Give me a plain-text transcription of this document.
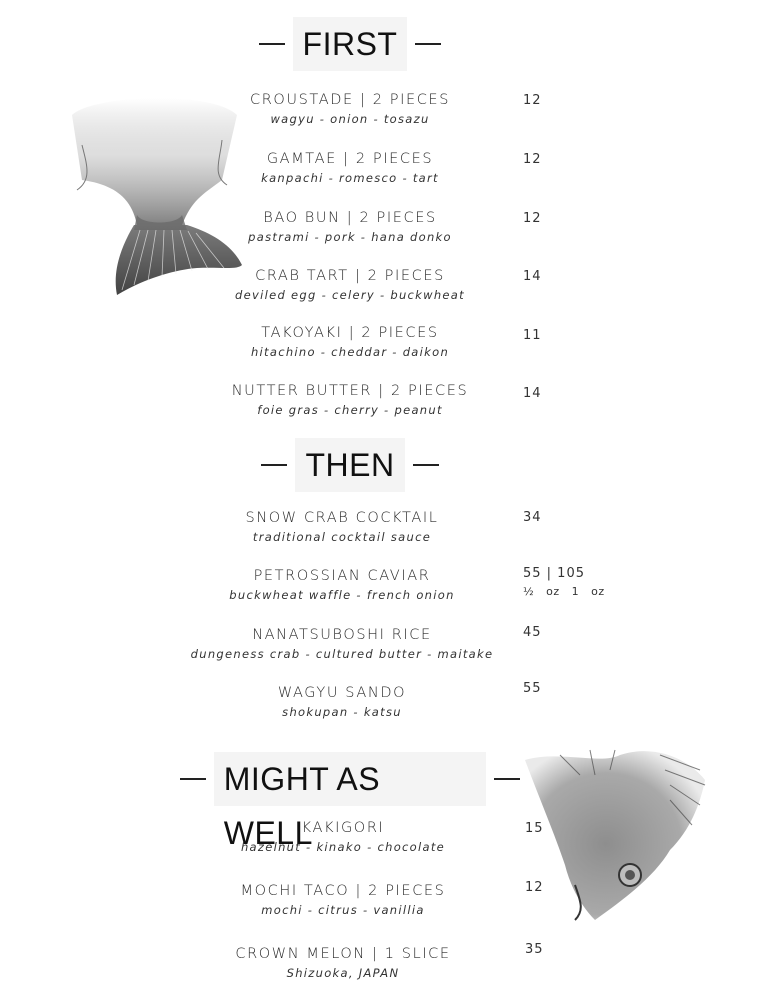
FIRST
CROUSTADE | 2 PIECES
wagyu - onion - tosazu
12
GAMTAE | 2 PIECES
kanpachi - romesco - tart
12
BAO BUN | 2 PIECES
pastrami - pork - hana donko
12
CRAB TART | 2 PIECES
deviled egg - celery - buckwheat
14
TAKOYAKI | 2 PIECES
hitachino - cheddar - daikon
11
NUTTER BUTTER | 2 PIECES
foie gras - cherry - peanut
14
THEN
SNOW CRAB COCKTAIL
traditional cocktail sauce
34
PETROSSIAN CAVIAR
buckwheat waffle - french onion
55 | 105
½ oz 1 oz
NANATSUBOSHI RICE
dungeness crab - cultured butter - maitake
45
WAGYU SANDO
shokupan - katsu
55
MIGHT AS WELL
KAKIGORI
hazelnut - kinako - chocolate
15
MOCHI TACO | 2 PIECES
mochi - citrus - vanillia
12
CROWN MELON | 1 SLICE
Shizuoka, JAPAN
35
